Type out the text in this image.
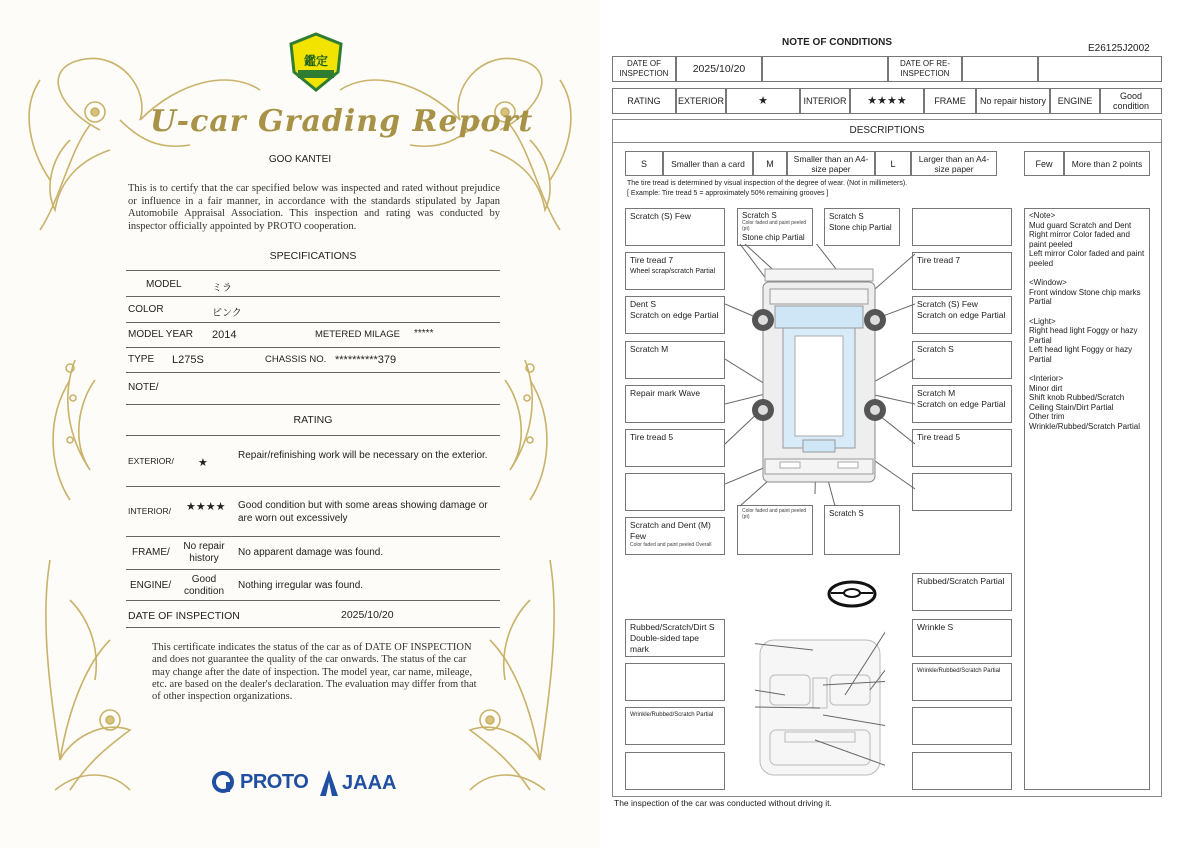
鑑定
U-car Grading Report
GOO KANTEI
This is to certify that the car specified below was inspected and rated without prejudice or influence in a fair manner, in accordance with the standards stipulated by Japan Automobile Appraisal Association. This inspection and rating was conducted by inspector officially appointed by PROTO cooperation.
SPECIFICATIONS
MODEL	ミラ
COLOR	ピンク
MODEL YEAR 2014	METERED MILAGE *****
TYPE L275S	CHASSIS NO. **********379
NOTE/
RATING
EXTERIOR/ ★
Repair/refinishing work will be necessary on the exterior.
INTERIOR/ ★★★★ Good condition but with some areas showing damage or are worn out excessively
FRAME/
No repair history
No apparent damage was found.
ENGINE/
Good condition
Nothing irregular was found.
DATE OF INSPECTION	2025/10/20
This certificate indicates the status of the car as of DATE OF INSPECTION and does not guarantee the quality of the car onwards. The status of the car may change after the date of inspection. The model year, car name, mileage, etc. are based on the dealer's declaration. The evaluation may differ from that of other inspection organizations.
PROTO JAAA
NOTE OF CONDITIONS
E26125J2002
DATE OF INSPECTION	2025/10/20	DATE OF RE-INSPECTION
RATING	EXTERIOR	★	INTERIOR	★★★★	FRAME	No repair history	ENGINE	Good condition
DESCRIPTIONS
S	Smaller than a card	M	Smaller than an A4-size paper	L	Larger than an A4-size paper	Few	More than 2 points
The tire tread is determined by visual inspection of the degree of wear. (Not in millimeters).
[ Example: Tire tread 5 = approximately 50% remaining grooves ]
Scratch (S) Few
Tire tread 7
Wheel scrap/scratch Partial
Dent S
Scratch on edge Partial
Scratch M
Repair mark Wave
Tire tread 5
Scratch and Dent (M) Few
Color faded and paint peeled Overall
Scratch S
Color faded and paint peeled (pt)
Stone chip Partial
Scratch S
Stone chip Partial
Tire tread 7
Scratch (S) Few
Scratch on edge Partial
Scratch S
Scratch M
Scratch on edge Partial
Tire tread 5
Color faded and paint peeled (pt)	Scratch S
Rubbed/Scratch Partial
Wrinkle S
Wrinkle/Rubbed/Scratch Partial
Rubbed/Scratch/Dirt S
Double-sided tape mark
Wrinkle/Rubbed/Scratch Partial
<Note>
Mud guard Scratch and Dent
Right mirror Color faded and paint peeled
Left mirror Color faded and paint peeled

<Window>
Front window Stone chip marks Partial

<Light>
Right head light Foggy or hazy Partial
Left head light Foggy or hazy Partial

<Interior>
Minor dirt
Shift knob Rubbed/Scratch
Ceiling Stain/Dirt Partial
Other trim
Wrinkle/Rubbed/Scratch Partial
The inspection of the car was conducted without driving it.
